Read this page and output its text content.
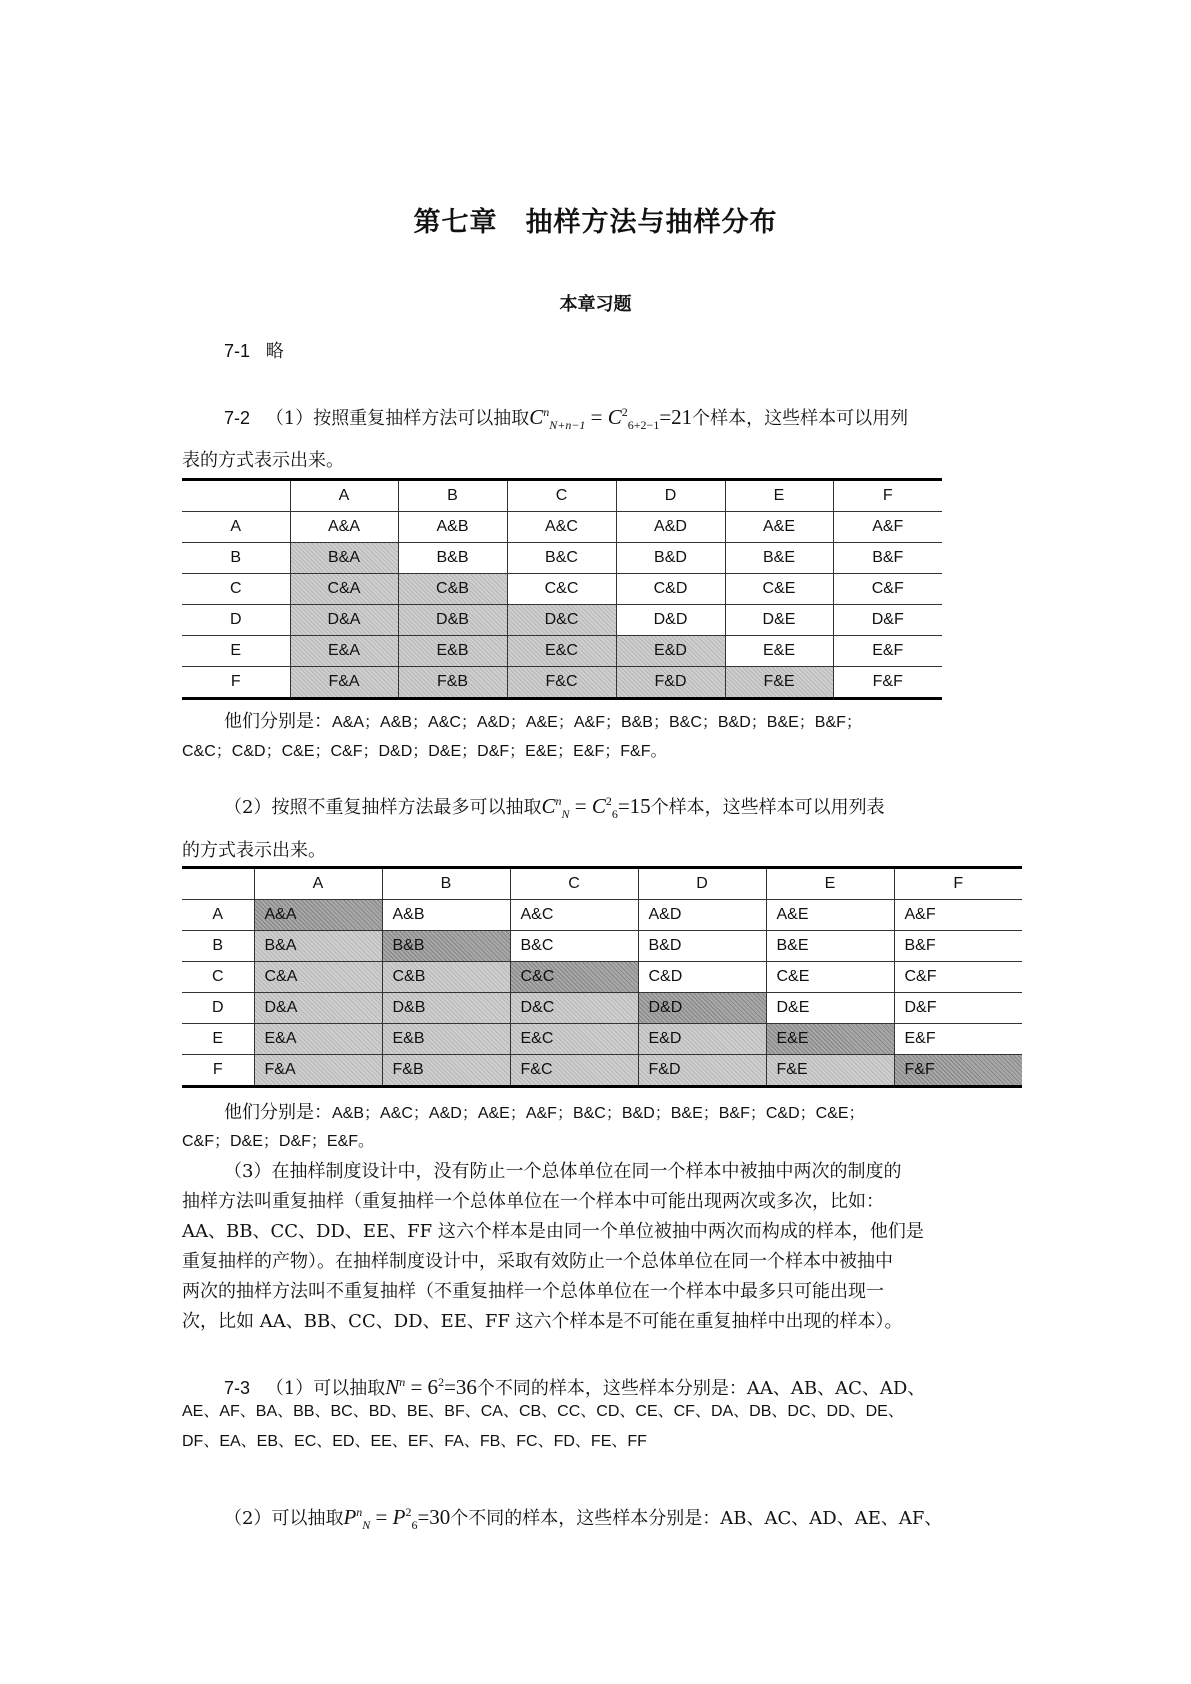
第七章　抽样方法与抽样分布
本章习题
7-1 略
7-2 （1）按照重复抽样方法可以抽取$C^n_{N+n-1} = C^2_{6+2-1}=21$个样本，这些样本可以用列
表的方式表示出来。
	A	B	C	D	E	F
A	A&A	A&B	A&C	A&D	A&E	A&F
B	B&A	B&B	B&C	B&D	B&E	B&F
C	C&A	C&B	C&C	C&D	C&E	C&F
D	D&A	D&B	D&C	D&D	D&E	D&F
E	E&A	E&B	E&C	E&D	E&E	E&F
F	F&A	F&B	F&C	F&D	F&E	F&F
他们分别是：A&A；A&B；A&C；A&D；A&E；A&F；B&B；B&C；B&D；B&E；B&F；
C&C；C&D；C&E；C&F；D&D；D&E；D&F；E&E；E&F；F&F。
（2）按照不重复抽样方法最多可以抽取$C^n_N = C^2_6=15$个样本，这些样本可以用列表
的方式表示出来。
	A	B	C	D	E	F
A	A&A	A&B	A&C	A&D	A&E	A&F
B	B&A	B&B	B&C	B&D	B&E	B&F
C	C&A	C&B	C&C	C&D	C&E	C&F
D	D&A	D&B	D&C	D&D	D&E	D&F
E	E&A	E&B	E&C	E&D	E&E	E&F
F	F&A	F&B	F&C	F&D	F&E	F&F
他们分别是：A&B；A&C；A&D；A&E；A&F；B&C；B&D；B&E；B&F；C&D；C&E；
C&F；D&E；D&F；E&F。
（3）在抽样制度设计中，没有防止一个总体单位在同一个样本中被抽中两次的制度的
抽样方法叫重复抽样（重复抽样一个总体单位在一个样本中可能出现两次或多次，比如：
AA、BB、CC、DD、EE、FF 这六个样本是由同一个单位被抽中两次而构成的样本，他们是
重复抽样的产物）。在抽样制度设计中，采取有效防止一个总体单位在同一个样本中被抽中
两次的抽样方法叫不重复抽样（不重复抽样一个总体单位在一个样本中最多只可能出现一
次，比如 AA、BB、CC、DD、EE、FF 这六个样本是不可能在重复抽样中出现的样本）。
7-3 （1）可以抽取$N^n = 6^2=36$个不同的样本，这些样本分别是：AA、AB、AC、AD、
AE、AF、BA、BB、BC、BD、BE、BF、CA、CB、CC、CD、CE、CF、DA、DB、DC、DD、DE、
DF、EA、EB、EC、ED、EE、EF、FA、FB、FC、FD、FE、FF
（2）可以抽取$P^n_N = P^2_6=30$个不同的样本，这些样本分别是：AB、AC、AD、AE、AF、
